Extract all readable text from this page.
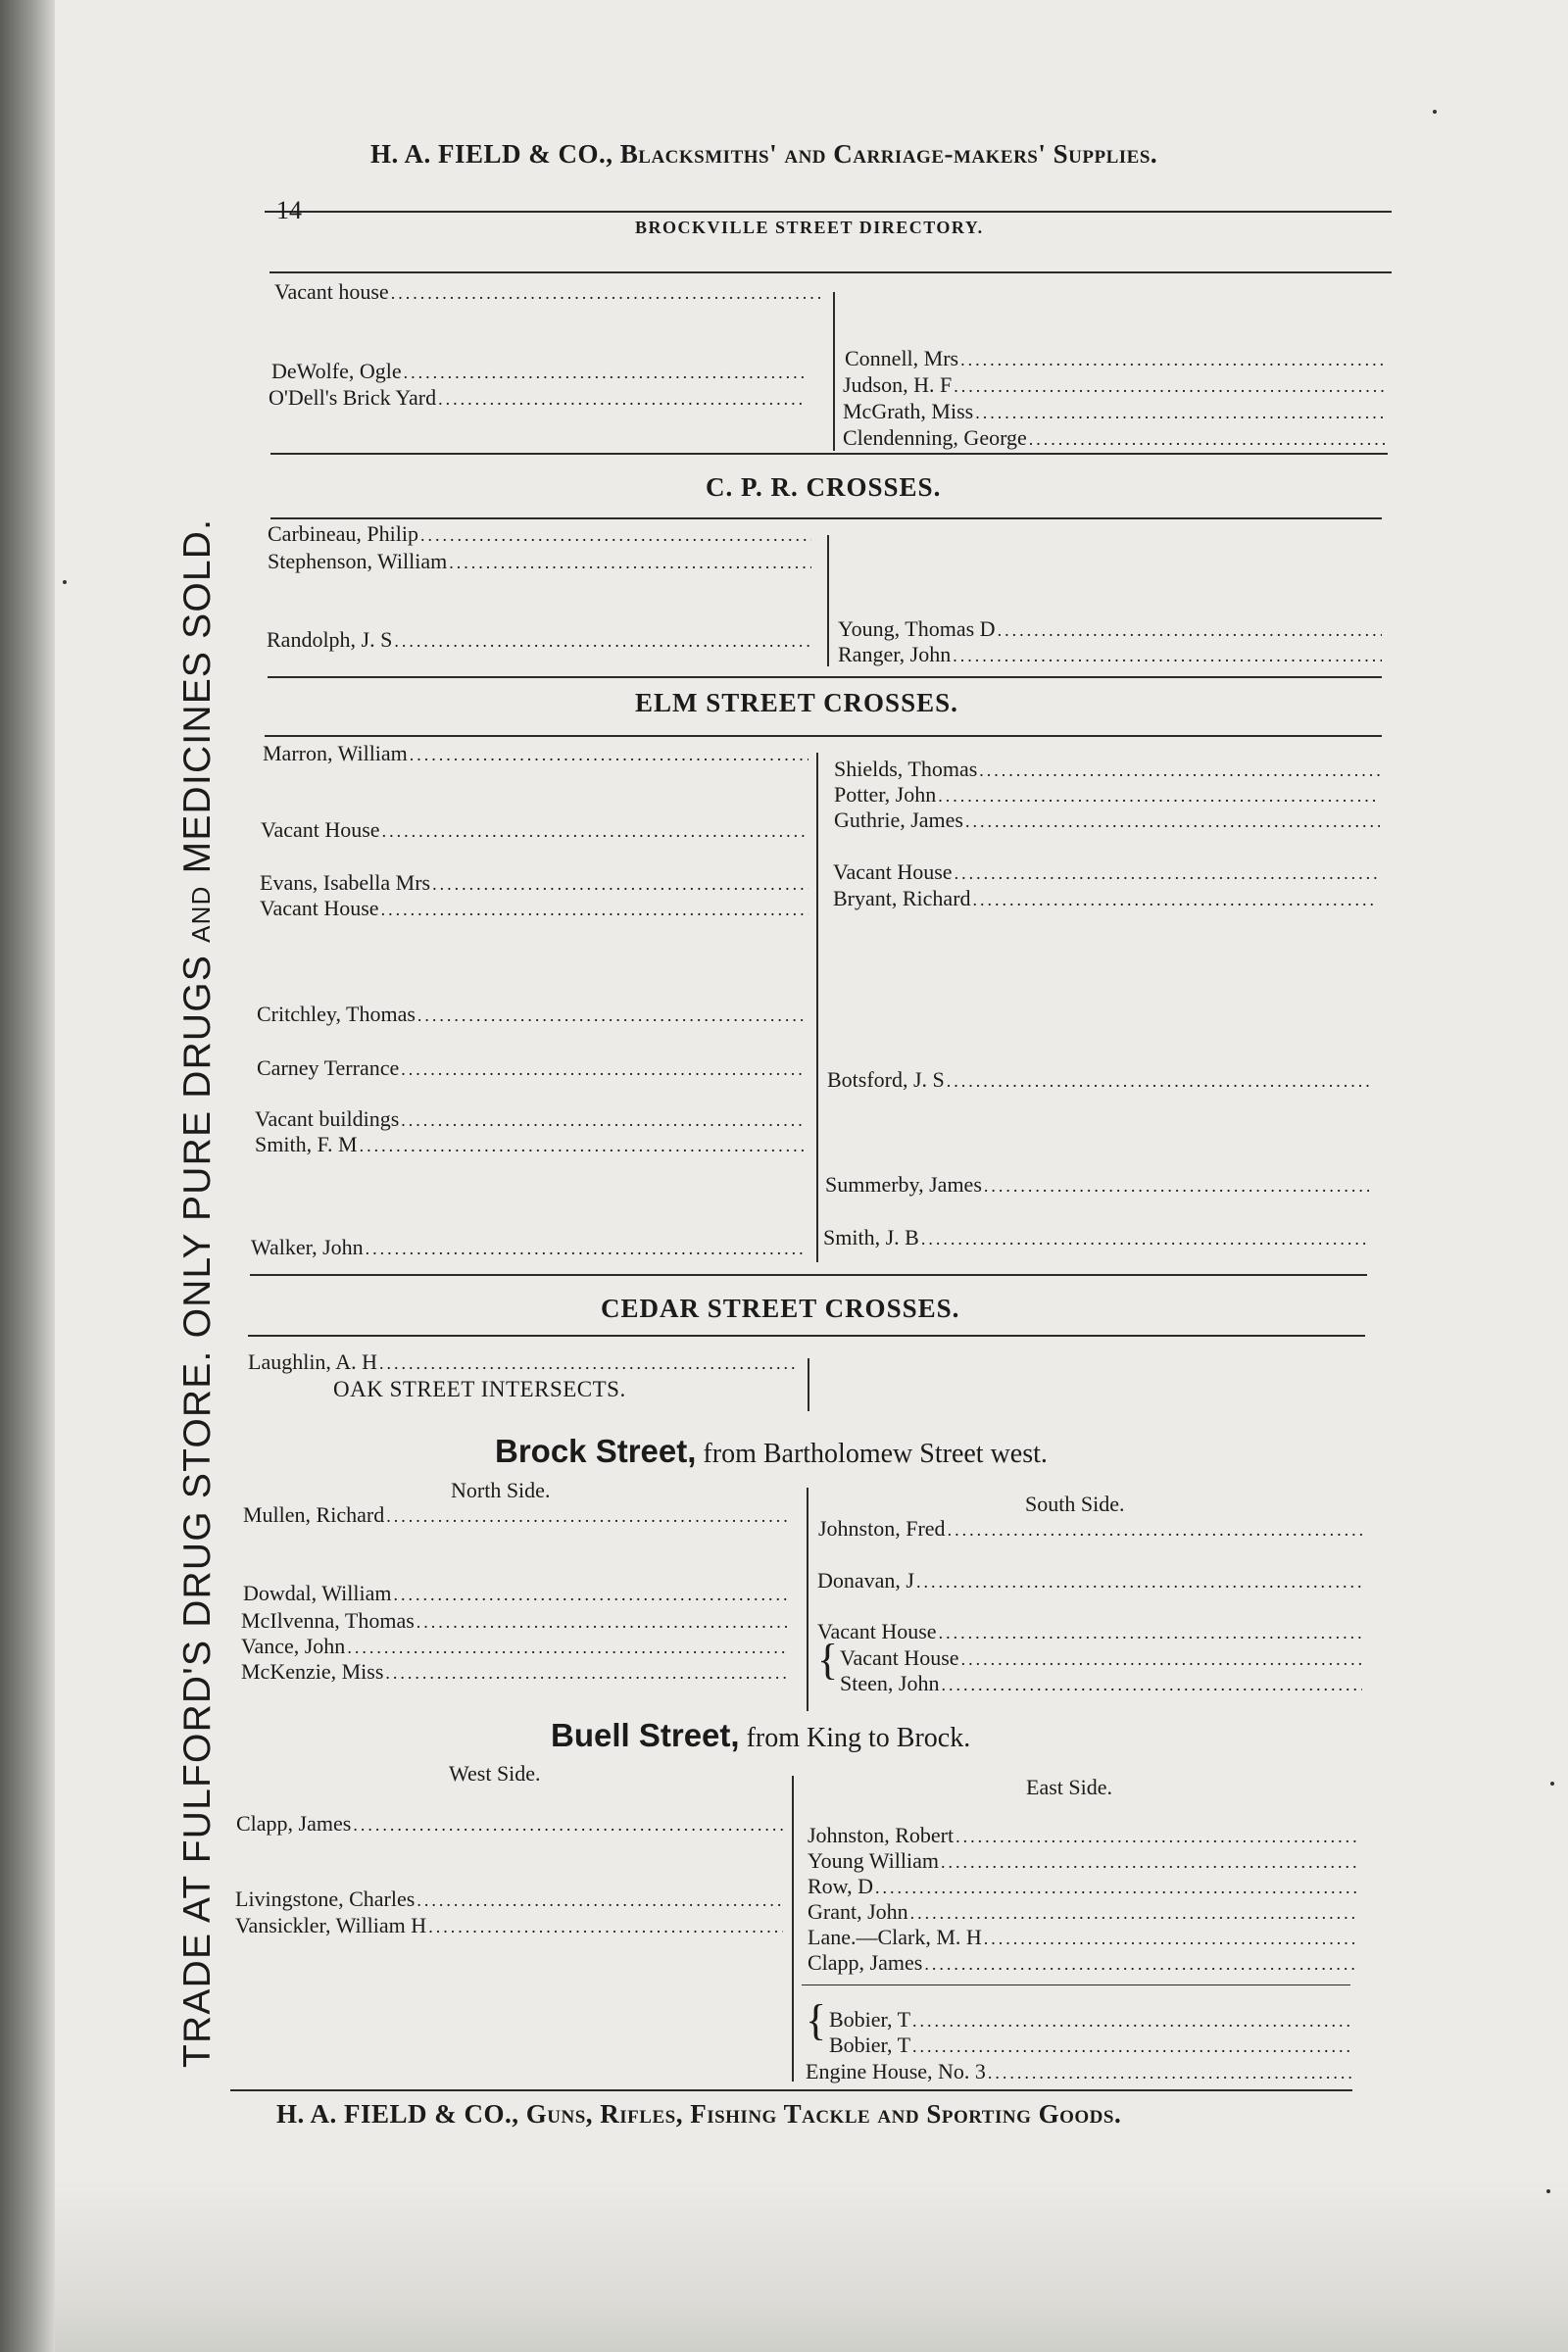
H. A. FIELD & CO., Blacksmiths' and Carriage-makers' Supplies.
14
BROCKVILLE STREET DIRECTORY.
TRADE AT FULFORD'S DRUG STORE. ONLY PURE DRUGS AND MEDICINES SOLD.
Vacant house
.....
DeWolfe, Ogle
.....
O'Dell's Brick Yard
.....
Connell, Mrs
.....
Judson, H. F
.....
McGrath, Miss
.....
Clendenning, George
.....
C. P. R. CROSSES.
Carbineau, Philip
.....
Stephenson, William
.....
Randolph, J. S
.....	Young, Thomas D
.....
Ranger, John
.....
ELM STREET CROSSES.
Marron, William
.....
Vacant House
.....
Evans, Isabella Mrs
.....
Vacant House
.....
Critchley, Thomas
.....
Carney Terrance
.....
Vacant buildings
.....
Smith, F. M
.....
Walker, John
.....
Shields, Thomas
.....
Potter, John
.....
Guthrie, James
.....
Vacant House
.....
Bryant, Richard
.....
Botsford, J. S
.....
Summerby, James
.....
Smith, J. B
.....
CEDAR STREET CROSSES.
Laughlin, A. H
.....
OAK STREET INTERSECTS.
Brock Street, from Bartholomew Street west.
North Side.
South Side.
Mullen, Richard
.....
Dowdal, William
.....
McIlvenna, Thomas
.....
Vance, John
.....
McKenzie, Miss
.....
Johnston, Fred
.....
Donavan, J
.....
Vacant House
.....
{ Vacant House
.....
Steen, John
.....
Buell Street, from King to Brock.
West Side.
East Side.
Clapp, James
.....
Livingstone, Charles
.....
Vansickler, William H
.....
Johnston, Robert
.....
Young William
.....
Row, D
.....
Grant, John
.....
Lane.—Clark, M. H
.....
Clapp, James
.....
{ Bobier, T
.....
Bobier, T
.....
Engine House, No. 3
.....
H. A. FIELD & CO., Guns, Rifles, Fishing Tackle and Sporting Goods.
